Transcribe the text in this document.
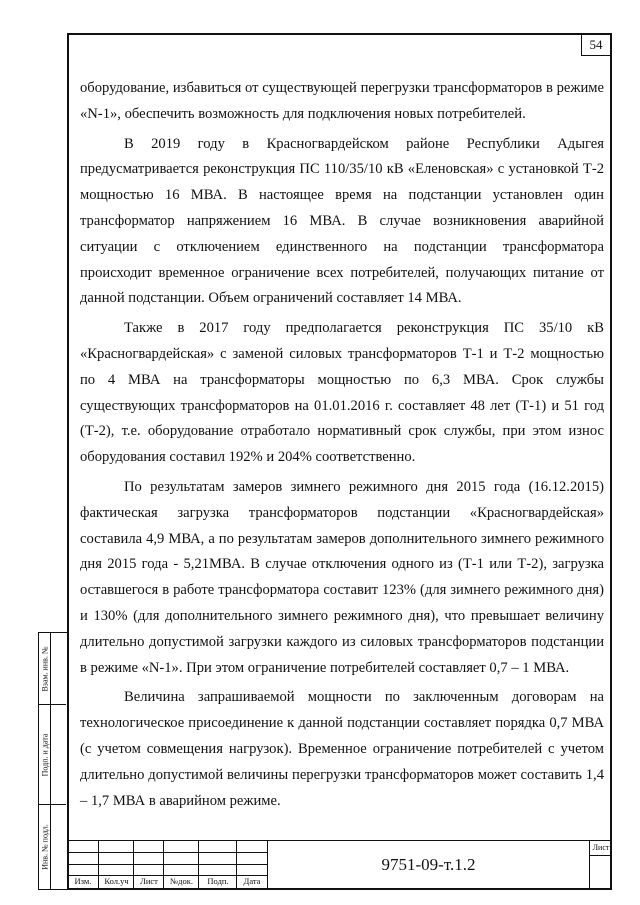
54

оборудование, избавиться от существующей перегрузки трансформаторов в режиме «N-1», обеспечить возможность для подключения новых потребителей.

В 2019 году в Красногвардейском районе Республики Адыгея предусматривается реконструкция ПС 110/35/10 кВ «Еленовская» с установкой Т-2 мощностью 16 МВА. В настоящее время на подстанции установлен один трансформатор напряжением 16 МВА. В случае возникновения аварийной ситуации с отключением единственного на подстанции трансформатора происходит временное ограничение всех потребителей, получающих питание от данной подстанции. Объем ограничений составляет 14 МВА.

Также в 2017 году предполагается реконструкция ПС 35/10 кВ «Красногвардейская» с заменой силовых трансформаторов Т-1 и Т-2 мощностью по 4 МВА на трансформаторы мощностью по 6,3 МВА. Срок службы существующих трансформаторов на 01.01.2016 г. составляет 48 лет (Т-1) и 51 год (Т-2), т.е. оборудование отработало нормативный срок службы, при этом износ оборудования составил 192% и 204% соответственно.

По результатам замеров зимнего режимного дня 2015 года (16.12.2015) фактическая загрузка трансформаторов подстанции «Красногвардейская» составила 4,9 МВА, а по результатам замеров дополнительного зимнего режимного дня 2015 года - 5,21МВА. В случае отключения одного из (Т-1 или Т-2), загрузка оставшегося в работе трансформатора составит 123% (для зимнего режимного дня) и 130% (для дополнительного зимнего режимного дня), что превышает величину длительно допустимой загрузки каждого из силовых трансформаторов подстанции в режиме «N-1». При этом ограничение потребителей составляет 0,7 – 1 МВА.

Величина запрашиваемой мощности по заключенным договорам на технологическое присоединение к данной подстанции составляет порядка 0,7 МВА (с учетом совмещения нагрузок). Временное ограничение потребителей с учетом длительно допустимой величины перегрузки трансформаторов может составить 1,4 – 1,7 МВА в аварийном режиме.

Взам. инв. №
Подп. и дата
Инв. № подл.
Изм.	Кол.уч	Лист	№док.	Подп.	Дата
9751-09-т.1.2
Лист
